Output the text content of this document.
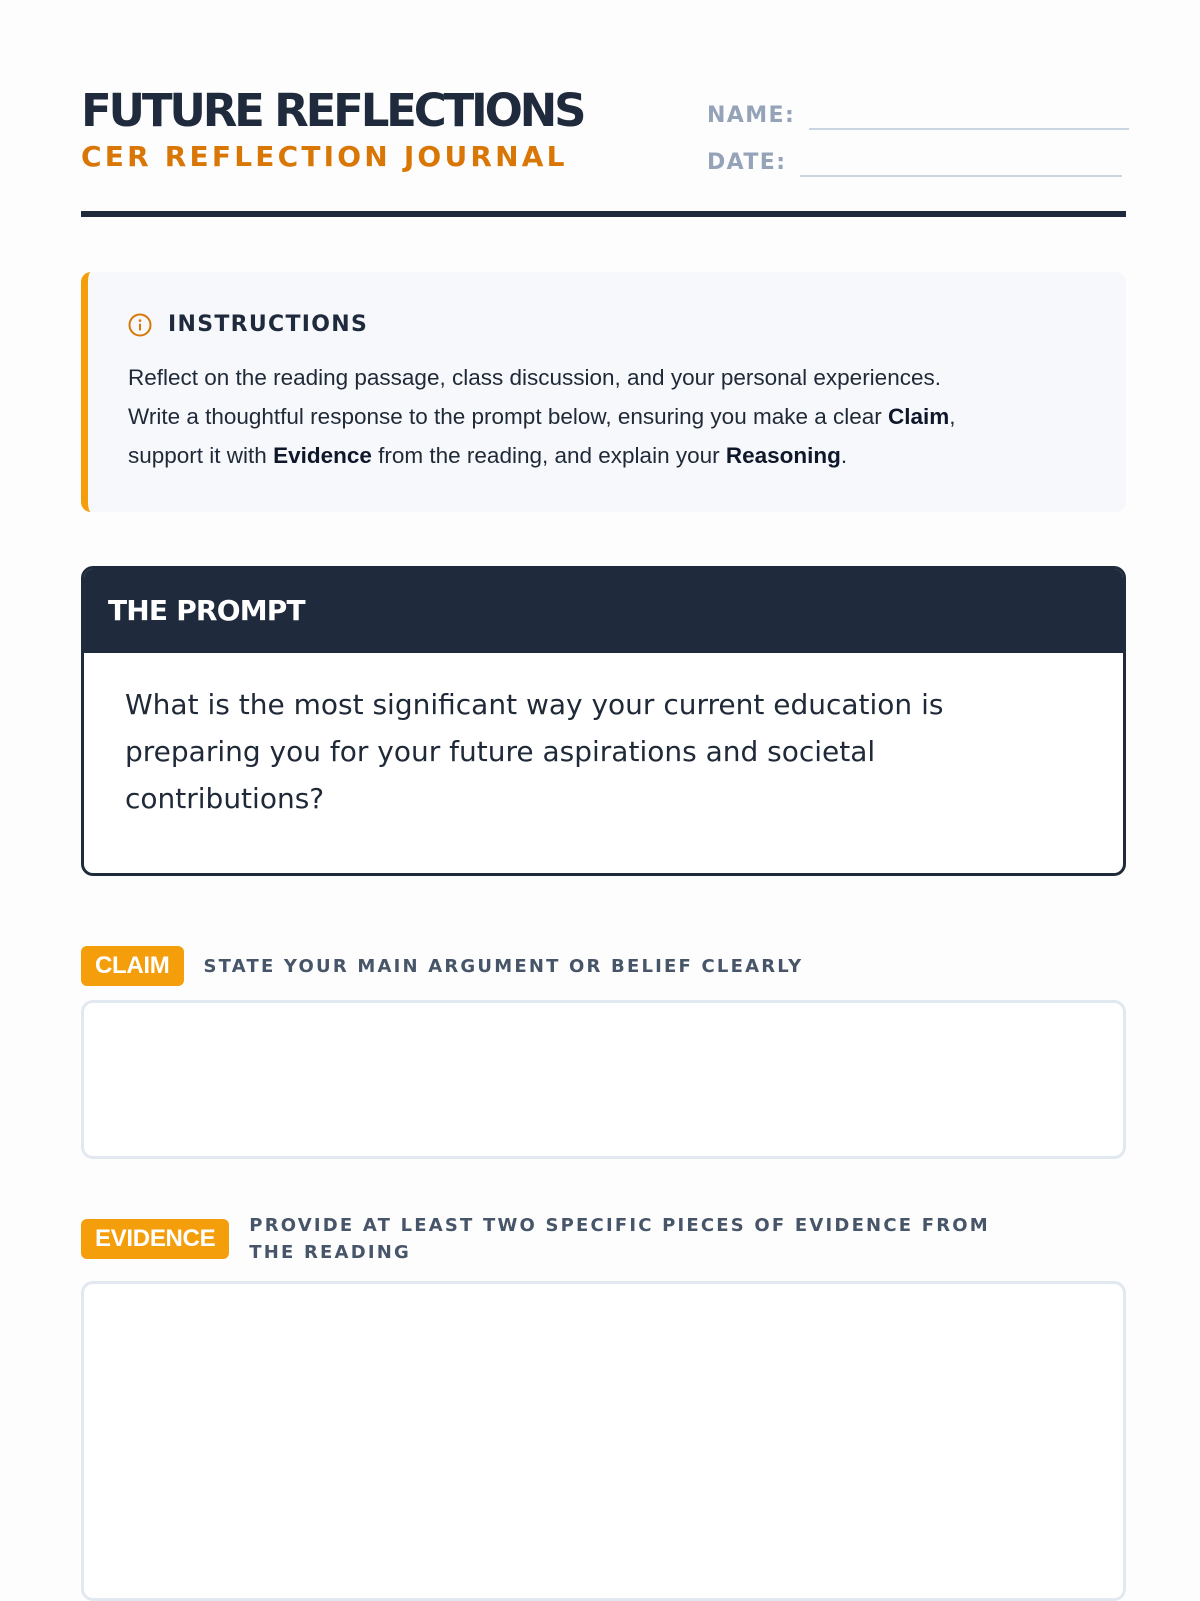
FUTURE REFLECTIONS
CER REFLECTION JOURNAL
NAME:
DATE:
INSTRUCTIONS
Reflect on the reading passage, class discussion, and your personal experiences.
Write a thoughtful response to the prompt below, ensuring you make a clear Claim,
support it with Evidence from the reading, and explain your Reasoning.
THE PROMPT
What is the most significant way your current education is preparing you for your future aspirations and societal contributions?
CLAIM	STATE YOUR MAIN ARGUMENT OR BELIEF CLEARLY
EVIDENCE	PROVIDE AT LEAST TWO SPECIFIC PIECES OF EVIDENCE FROM THE READING
